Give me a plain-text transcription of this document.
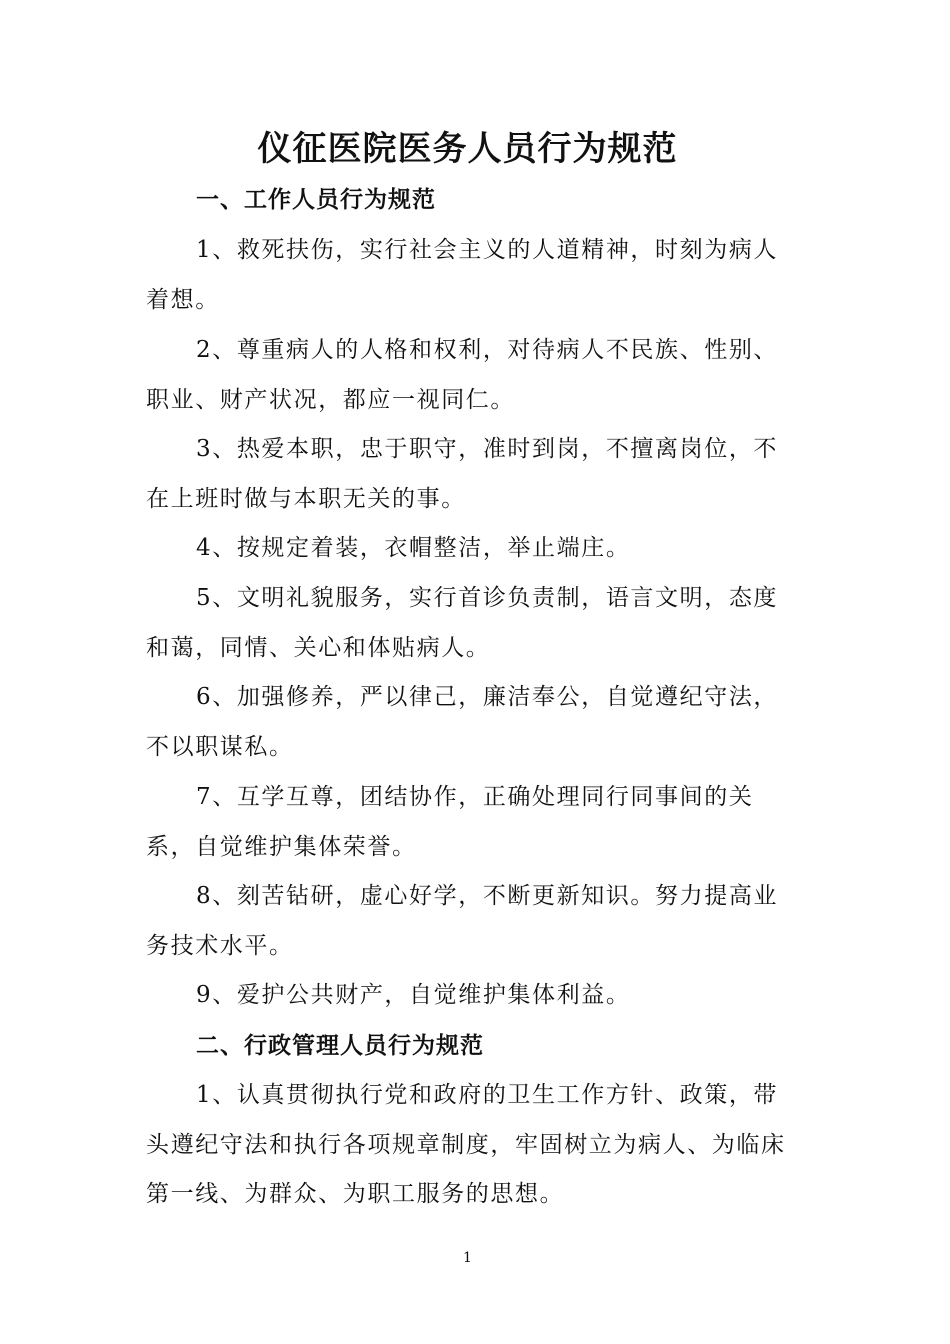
仪征医院医务人员行为规范
一、工作人员行为规范

1、救死扶伤，实行社会主义的人道精神，时刻为病人着想。

2、尊重病人的人格和权利，对待病人不民族、性别、职业、财产状况，都应一视同仁。

3、热爱本职，忠于职守，准时到岗，不擅离岗位，不在上班时做与本职无关的事。

4、按规定着装，衣帽整洁，举止端庄。

5、文明礼貌服务，实行首诊负责制，语言文明，态度和蔼，同情、关心和体贴病人。

6、加强修养，严以律己，廉洁奉公，自觉遵纪守法，不以职谋私。

7、互学互尊，团结协作，正确处理同行同事间的关系，自觉维护集体荣誉。

8、刻苦钻研，虚心好学，不断更新知识。努力提高业务技术水平。

9、爱护公共财产，自觉维护集体利益。

二、行政管理人员行为规范

1、认真贯彻执行党和政府的卫生工作方针、政策，带头遵纪守法和执行各项规章制度，牢固树立为病人、为临床第一线、为群众、为职工服务的思想。

1
